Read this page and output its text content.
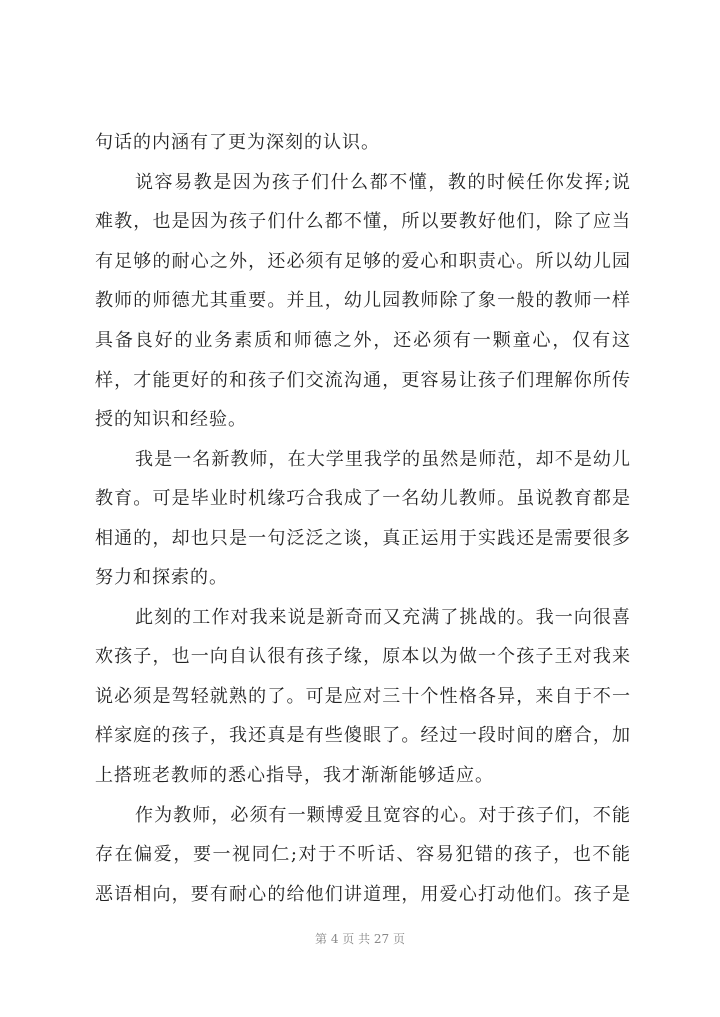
句话的内涵有了更为深刻的认识。
说容易教是因为孩子们什么都不懂，教的时候任你发挥;说
难教，也是因为孩子们什么都不懂，所以要教好他们，除了应当
有足够的耐心之外，还必须有足够的爱心和职责心。所以幼儿园
教师的师德尤其重要。并且，幼儿园教师除了象一般的教师一样
具备良好的业务素质和师德之外，还必须有一颗童心，仅有这
样，才能更好的和孩子们交流沟通，更容易让孩子们理解你所传
授的知识和经验。
我是一名新教师，在大学里我学的虽然是师范，却不是幼儿
教育。可是毕业时机缘巧合我成了一名幼儿教师。虽说教育都是
相通的，却也只是一句泛泛之谈，真正运用于实践还是需要很多
努力和探索的。
此刻的工作对我来说是新奇而又充满了挑战的。我一向很喜
欢孩子，也一向自认很有孩子缘，原本以为做一个孩子王对我来
说必须是驾轻就熟的了。可是应对三十个性格各异，来自于不一
样家庭的孩子，我还真是有些傻眼了。经过一段时间的磨合，加
上搭班老教师的悉心指导，我才渐渐能够适应。
作为教师，必须有一颗博爱且宽容的心。对于孩子们，不能
存在偏爱，要一视同仁;对于不听话、容易犯错的孩子，也不能
恶语相向，要有耐心的给他们讲道理，用爱心打动他们。孩子是
第 4 页 共 27 页
